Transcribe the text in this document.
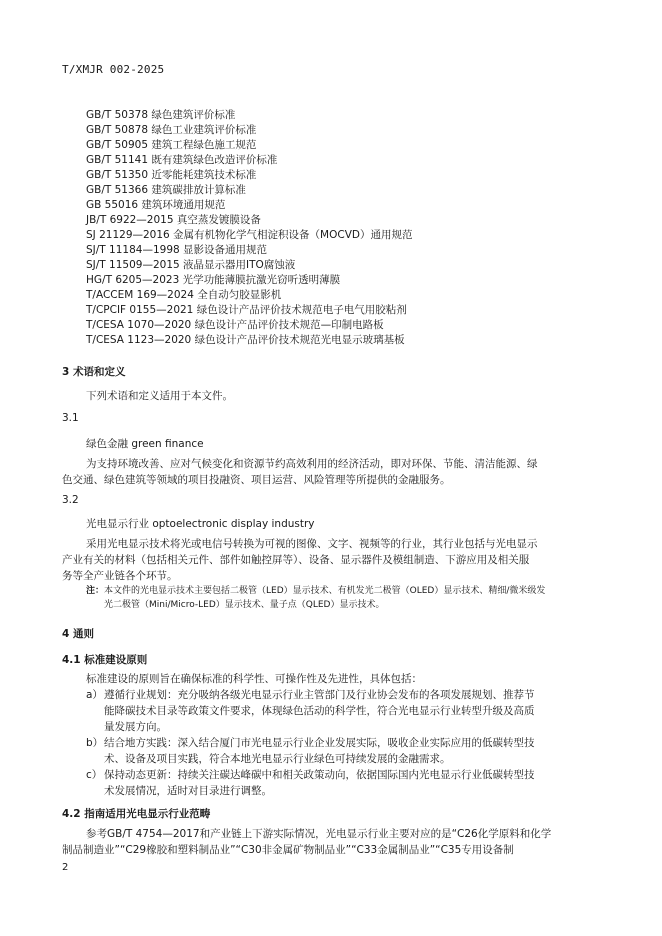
T/XMJR 002-2025
GB/T 50378 绿色建筑评价标准
GB/T 50878 绿色工业建筑评价标准
GB/T 50905 建筑工程绿色施工规范
GB/T 51141 既有建筑绿色改造评价标准
GB/T 51350 近零能耗建筑技术标准
GB/T 51366 建筑碳排放计算标准
GB 55016 建筑环境通用规范
JB/T 6922—2015 真空蒸发镀膜设备
SJ 21129—2016 金属有机物化学气相淀积设备（MOCVD）通用规范
SJ/T 11184—1998 显影设备通用规范
SJ/T 11509—2015 液晶显示器用ITO腐蚀液
HG/T 6205—2023 光学功能薄膜抗激光窃听透明薄膜
T/ACCEM 169—2024 全自动匀胶显影机
T/CPCIF 0155—2021 绿色设计产品评价技术规范电子电气用胶粘剂
T/CESA 1070—2020 绿色设计产品评价技术规范—印制电路板
T/CESA 1123—2020 绿色设计产品评价技术规范光电显示玻璃基板
3 术语和定义
下列术语和定义适用于本文件。
3.1
绿色金融 green finance
为支持环境改善、应对气候变化和资源节约高效利用的经济活动，即对环保、节能、清洁能源、绿
色交通、绿色建筑等领域的项目投融资、项目运营、风险管理等所提供的金融服务。
3.2
光电显示行业 optoelectronic display industry
采用光电显示技术将光或电信号转换为可视的图像、文字、视频等的行业，其行业包括与光电显示
产业有关的材料（包括相关元件、部件如触控屏等）、设备、显示器件及模组制造、下游应用及相关服
务等全产业链各个环节。
注： 本文件的光电显示技术主要包括二极管（LED）显示技术、有机发光二极管（OLED）显示技术、精细/微米级发
光二极管（Mini/Micro-LED）显示技术、量子点（QLED）显示技术。
4 通则
4.1 标准建设原则
标准建设的原则旨在确保标准的科学性、可操作性及先进性，具体包括：
a） 遵循行业规划：充分吸纳各级光电显示行业主管部门及行业协会发布的各项发展规划、推荐节
能降碳技术目录等政策文件要求，体现绿色活动的科学性，符合光电显示行业转型升级及高质
量发展方向。
b） 结合地方实践：深入结合厦门市光电显示行业企业发展实际，吸收企业实际应用的低碳转型技
术、设备及项目实践，符合本地光电显示行业绿色可持续发展的金融需求。
c） 保持动态更新：持续关注碳达峰碳中和相关政策动向，依据国际国内光电显示行业低碳转型技
术发展情况，适时对目录进行调整。
4.2 指南适用光电显示行业范畴
参考GB/T 4754—2017和产业链上下游实际情况，光电显示行业主要对应的是“C26化学原料和化学
制品制造业”“C29橡胶和塑料制品业”“C30非金属矿物制品业”“C33金属制品业”“C35专用设备制
2
